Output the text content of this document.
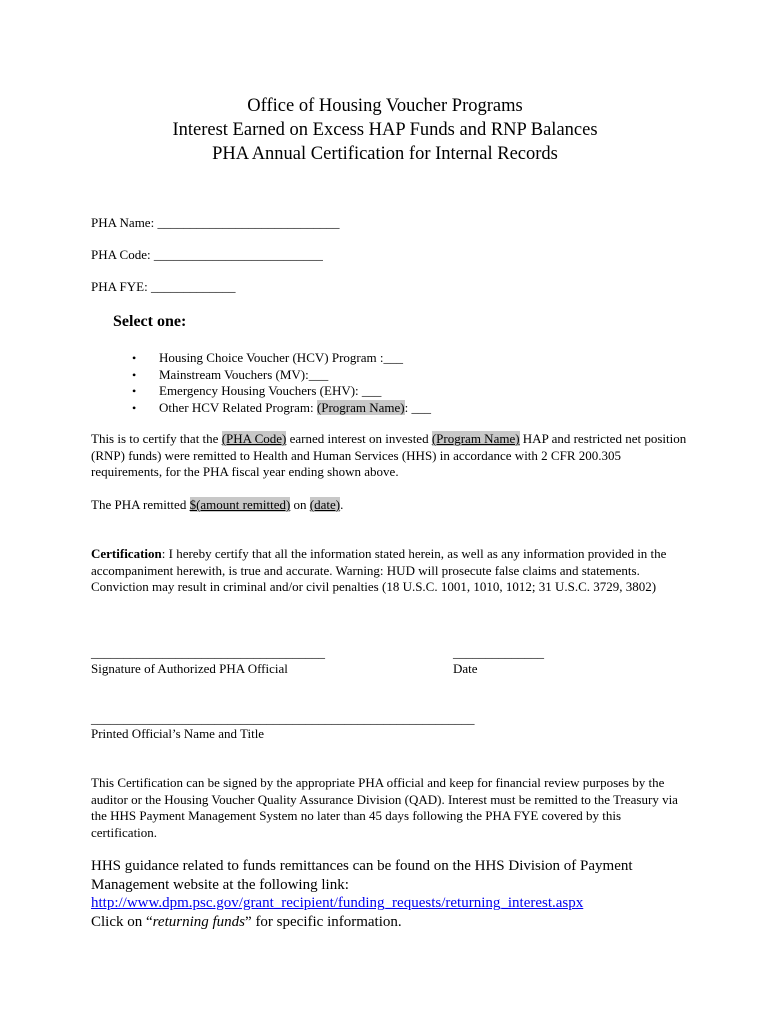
Office of Housing Voucher Programs
Interest Earned on Excess HAP Funds and RNP Balances
PHA Annual Certification for Internal Records
PHA Name: ____________________________
PHA Code: __________________________
PHA FYE: _____________
Select one:
• Housing Choice Voucher (HCV) Program :___
• Mainstream Vouchers (MV):___
• Emergency Housing Vouchers (EHV): ___
• Other HCV Related Program: (Program Name): ___
This is to certify that the (PHA Code) earned interest on invested (Program Name) HAP and restricted net position (RNP) funds) were remitted to Health and Human Services (HHS) in accordance with 2 CFR 200.305 requirements, for the PHA fiscal year ending shown above.
The PHA remitted $(amount remitted) on (date).
Certification: I hereby certify that all the information stated herein, as well as any information provided in the accompaniment herewith, is true and accurate. Warning: HUD will prosecute false claims and statements. Conviction may result in criminal and/or civil penalties (18 U.S.C. 1001, 1010, 1012; 31 U.S.C. 3729, 3802)
____________________________________
Signature of Authorized PHA Official
______________
Date
___________________________________________________________
Printed Official’s Name and Title
This Certification can be signed by the appropriate PHA official and keep for financial review purposes by the auditor or the Housing Voucher Quality Assurance Division (QAD). Interest must be remitted to the Treasury via the HHS Payment Management System no later than 45 days following the PHA FYE covered by this certification.
HHS guidance related to funds remittances can be found on the HHS Division of Payment Management website at the following link:
http://www.dpm.psc.gov/grant_recipient/funding_requests/returning_interest.aspx
Click on “returning funds” for specific information.
